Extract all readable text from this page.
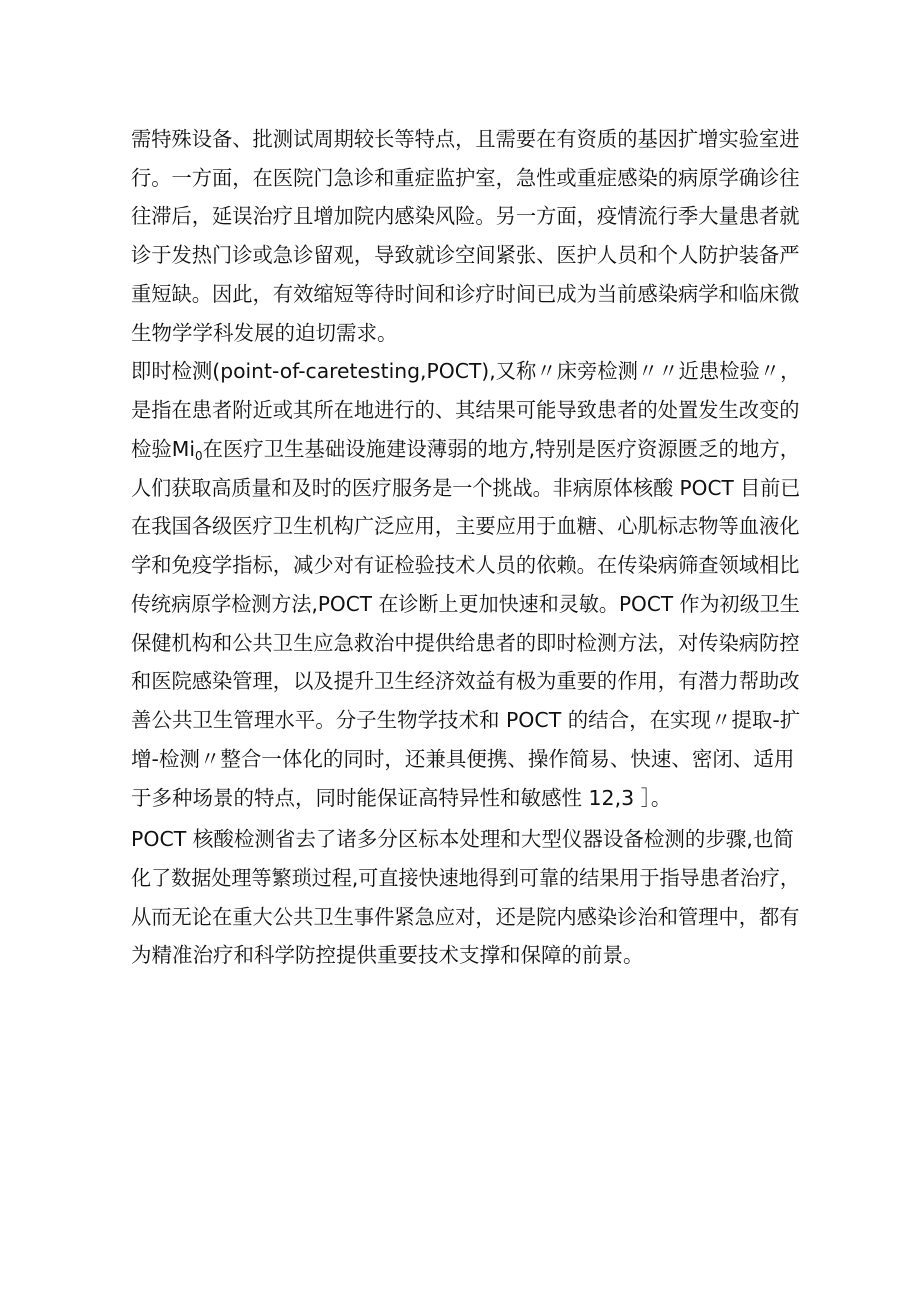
需特殊设备、批测试周期较长等特点，且需要在有资质的基因扩增实验室进

行。一方面，在医院门急诊和重症监护室，急性或重症感染的病原学确诊往

往滞后，延误治疗且增加院内感染风险。另一方面，疫情流行季大量患者就

诊于发热门诊或急诊留观，导致就诊空间紧张、医护人员和个人防护装备严

重短缺。因此，有效缩短等待时间和诊疗时间已成为当前感染病学和临床微

生物学学科发展的迫切需求。

即时检测(point-of-caretesting,POCT),又称〃床旁检测〃〃近患检验〃，

是指在患者附近或其所在地进行的、其结果可能导致患者的处置发生改变的

检验$Mi_0$在医疗卫生基础设施建设薄弱的地方,特别是医疗资源匮乏的地方，

人们获取高质量和及时的医疗服务是一个挑战。非病原体核酸 POCT 目前已

在我国各级医疗卫生机构广泛应用，主要应用于血糖、心肌标志物等血液化

学和免疫学指标，减少对有证检验技术人员的依赖。在传染病筛查领域相比

传统病原学检测方法,POCT 在诊断上更加快速和灵敏。POCT 作为初级卫生

保健机构和公共卫生应急救治中提供给患者的即时检测方法，对传染病防控

和医院感染管理，以及提升卫生经济效益有极为重要的作用，有潜力帮助改

善公共卫生管理水平。分子生物学技术和 POCT 的结合，在实现〃提取-扩

增-检测〃整合一体化的同时，还兼具便携、操作简易、快速、密闭、适用

于多种场景的特点，同时能保证高特异性和敏感性 12,3 ］。

POCT 核酸检测省去了诸多分区标本处理和大型仪器设备检测的步骤,也简

化了数据处理等繁琐过程,可直接快速地得到可靠的结果用于指导患者治疗，

从而无论在重大公共卫生事件紧急应对，还是院内感染诊治和管理中，都有

为精准治疗和科学防控提供重要技术支撑和保障的前景。
